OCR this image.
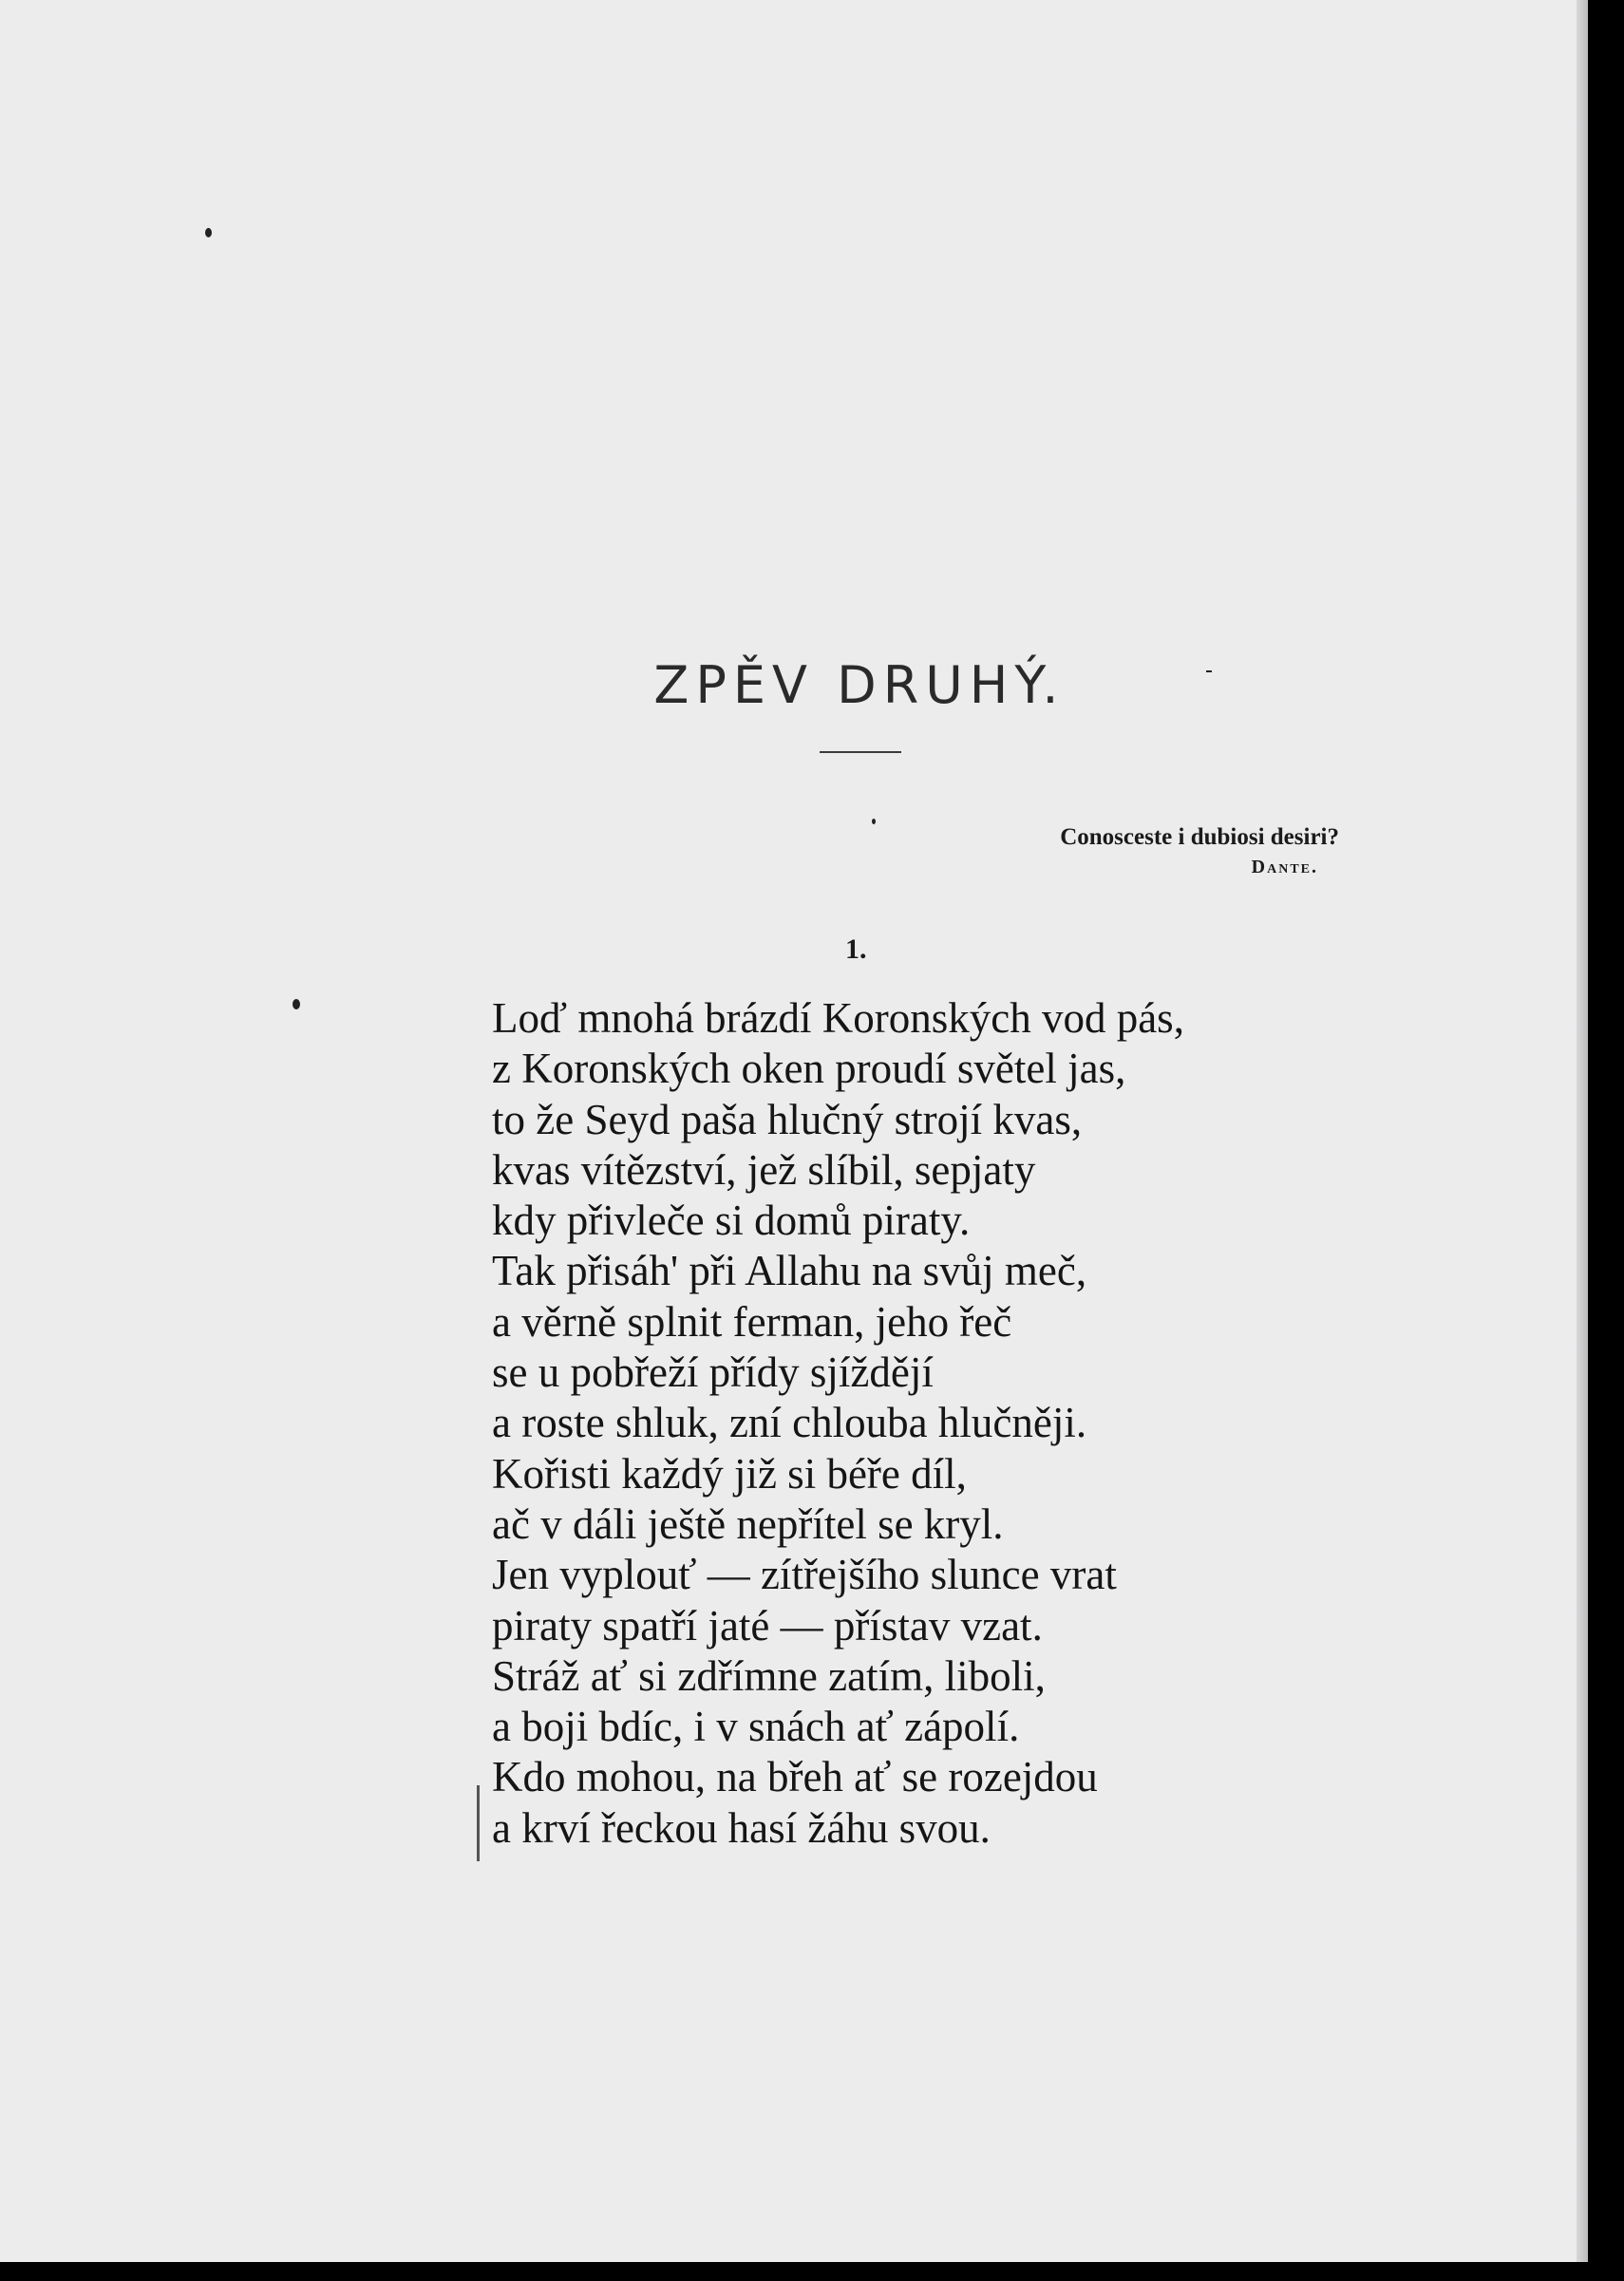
ZPĚV DRUHÝ.
Conosceste i dubiosi desiri?
Dante.
1.
Loď mnohá brázdí Koronských vod pás,
z Koronských oken proudí světel jas,
to že Seyd paša hlučný strojí kvas,
kvas vítězství, jež slíbil, sepjaty
kdy přivleče si domů piraty.
Tak přisáh' při Allahu na svůj meč,
a věrně splnit ferman, jeho řeč
se u pobřeží přídy sjíždějí
a roste shluk, zní chlouba hlučněji.
Kořisti každý již si béře díl,
ač v dáli ještě nepřítel se kryl.
Jen vyplouť — zítřejšího slunce vrat
piraty spatří jaté — přístav vzat.
Stráž ať si zdřímne zatím, liboli,
a boji bdíc, i v snách ať zápolí.
Kdo mohou, na břeh ať se rozejdou
a krví řeckou hasí žáhu svou.
